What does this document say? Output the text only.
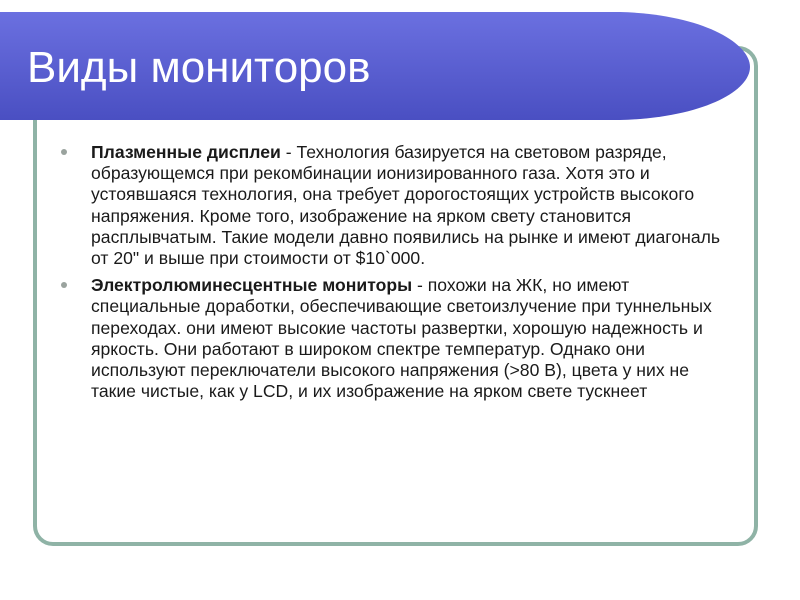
Виды мониторов
Плазменные дисплеи - Технология базируется на световом разряде, образующемся при рекомбинации ионизированного газа. Хотя это и устоявшаяся технология, она требует дорогостоящих устройств высокого напряжения. Кроме того, изображение на ярком свету становится расплывчатым. Такие модели давно появились на рынке и имеют диагональ от 20" и выше при стоимости от $10`000.
Электролюминесцентные мониторы - похожи на ЖК, но имеют специальные доработки, обеспечивающие светоизлучение при туннельных переходах. они имеют высокие частоты развертки, хорошую надежность и яркость. Они работают в широком спектре температур. Однако они используют переключатели высокого напряжения (>80 В), цвета у них не такие чистые, как у LCD, и их изображение на ярком свете тускнеет
